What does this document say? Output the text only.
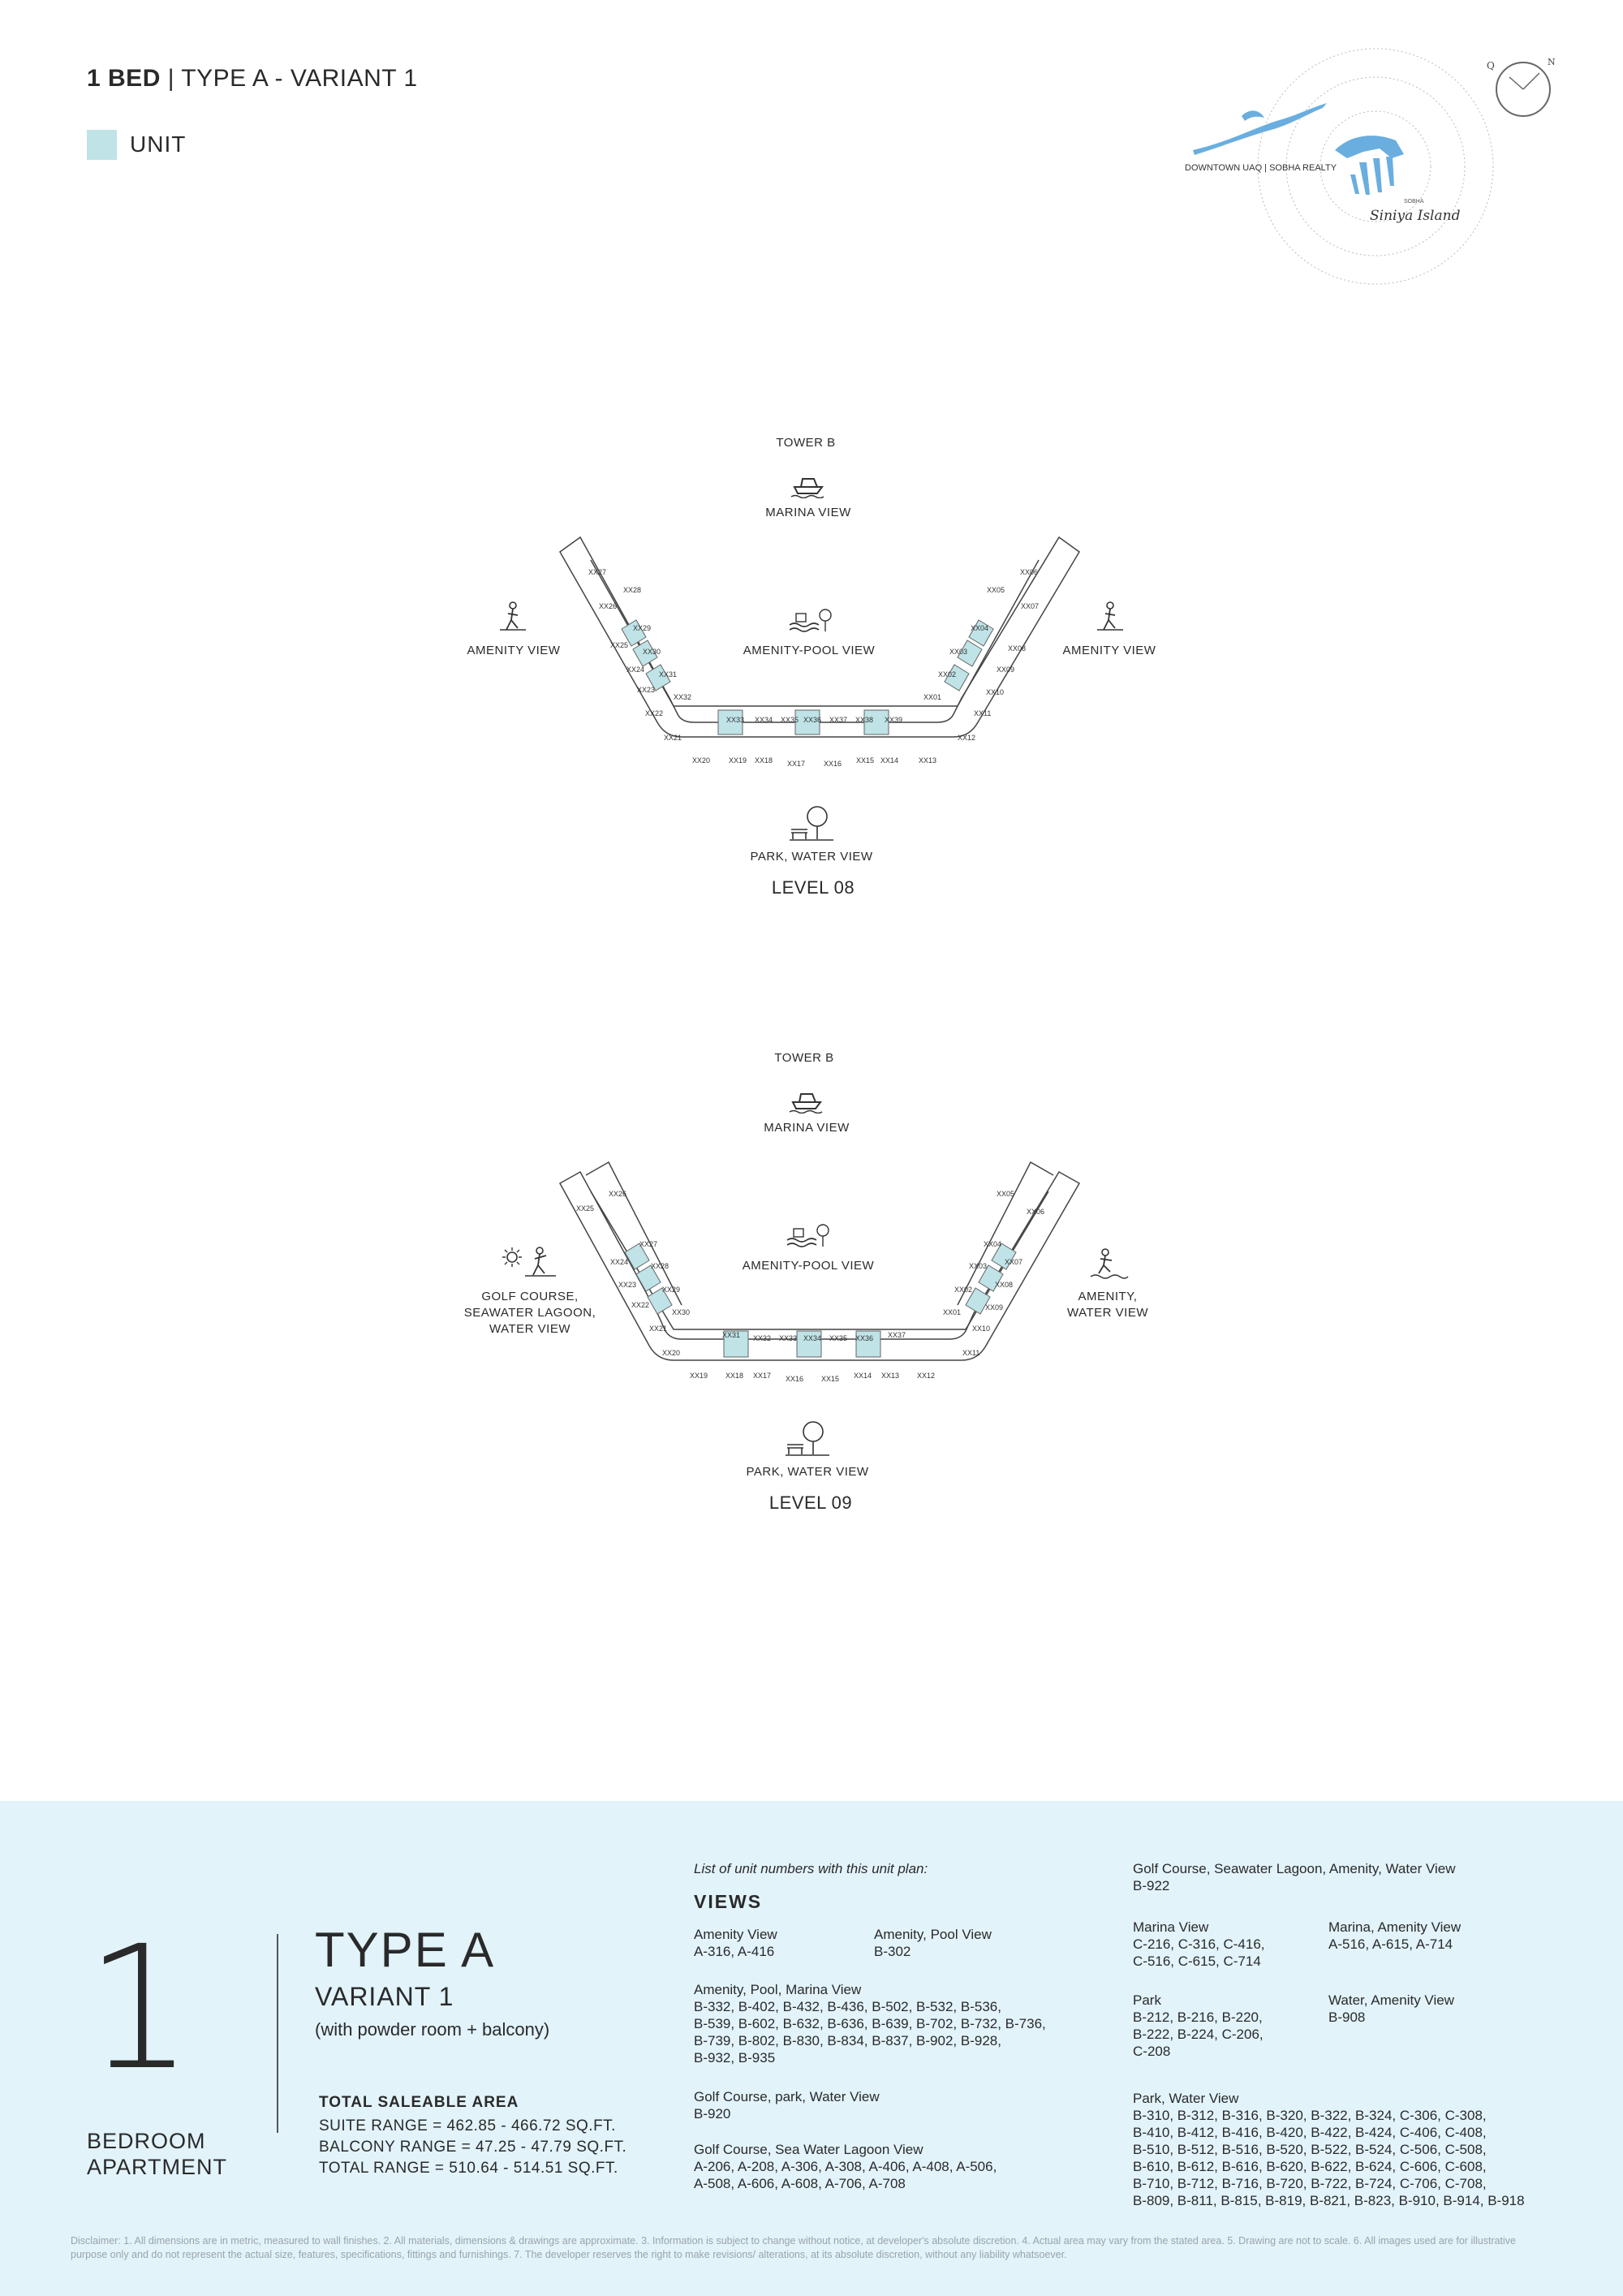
1 BED | TYPE A - VARIANT 1
UNIT
DOWNTOWN UAQ | SOBHA REALTY
SOBHA
Siniya Island
Q	N
TOWER B
MARINA VIEW
AMENITY-POOL VIEW
AMENITY VIEW	AMENITY VIEW
XX27
XX28
XX26
XX29
XX25
XX30
XX24
XX31
XX23
XX32
XX22
XX21
XX33 XX34 XX35 XX36 XX37 XX38 XX39
XX20	XX19 XX18 XX17	XX16 XX15 XX14	XX13
XX06
XX05
XX07
XX04
XX08
XX03
XX09
XX02
XX10
XX01
XX11
XX12
PARK, WATER VIEW
LEVEL 08
TOWER B
MARINA VIEW
AMENITY-POOL VIEW
GOLF COURSE,
SEAWATER LAGOON,
WATER VIEW
AMENITY,
WATER VIEW
XX25
XX26
XX27
XX24	XX28
XX23
XX29
XX22
XX30
XX21
XX20
XX31 XX32 XX33 XX34 XX35 XX36 XX37
XX19 XX18 XX17 XX16 XX15 XX14 XX13 XX12
XX05
XX06
XX04
XX07
XX03
XX08
XX02
XX09
XX01
XX10
XX11
PARK, WATER VIEW
LEVEL 09
1
BEDROOM
APARTMENT
TYPE A
VARIANT 1
(with powder room + balcony)
TOTAL SALEABLE AREA
SUITE RANGE = 462.85 - 466.72 SQ.FT.
BALCONY RANGE = 47.25 - 47.79 SQ.FT.
TOTAL RANGE = 510.64 - 514.51 SQ.FT.
List of unit numbers with this unit plan:
VIEWS
Amenity View
A-316, A-416
Amenity, Pool View
B-302
Amenity, Pool, Marina View
B-332, B-402, B-432, B-436, B-502, B-532, B-536,
B-539, B-602, B-632, B-636, B-639, B-702, B-732, B-736,
B-739, B-802, B-830, B-834, B-837, B-902, B-928,
B-932, B-935
Golf Course, park, Water View
B-920
Golf Course, Sea Water Lagoon View
A-206, A-208, A-306, A-308, A-406, A-408, A-506,
A-508, A-606, A-608, A-706, A-708
Golf Course, Seawater Lagoon, Amenity, Water View
B-922
Marina View
C-216, C-316, C-416,
C-516, C-615, C-714
Marina, Amenity View
A-516, A-615, A-714
Park
B-212, B-216, B-220,
B-222, B-224, C-206,
C-208
Water, Amenity View
B-908
Park, Water View
B-310, B-312, B-316, B-320, B-322, B-324, C-306, C-308,
B-410, B-412, B-416, B-420, B-422, B-424, C-406, C-408,
B-510, B-512, B-516, B-520, B-522, B-524, C-506, C-508,
B-610, B-612, B-616, B-620, B-622, B-624, C-606, C-608,
B-710, B-712, B-716, B-720, B-722, B-724, C-706, C-708,
B-809, B-811, B-815, B-819, B-821, B-823, B-910, B-914, B-918
Disclaimer: 1. All dimensions are in metric, measured to wall finishes. 2. All materials, dimensions & drawings are approximate. 3. Information is subject to change without notice, at developer's absolute discretion. 4. Actual area may vary from the stated area. 5. Drawing are not to scale. 6. All images used are for illustrative purpose only and do not represent the actual size, features, specifications, fittings and furnishings. 7. The developer reserves the right to make revisions/ alterations, at its absolute discretion, without any liability whatsoever.
